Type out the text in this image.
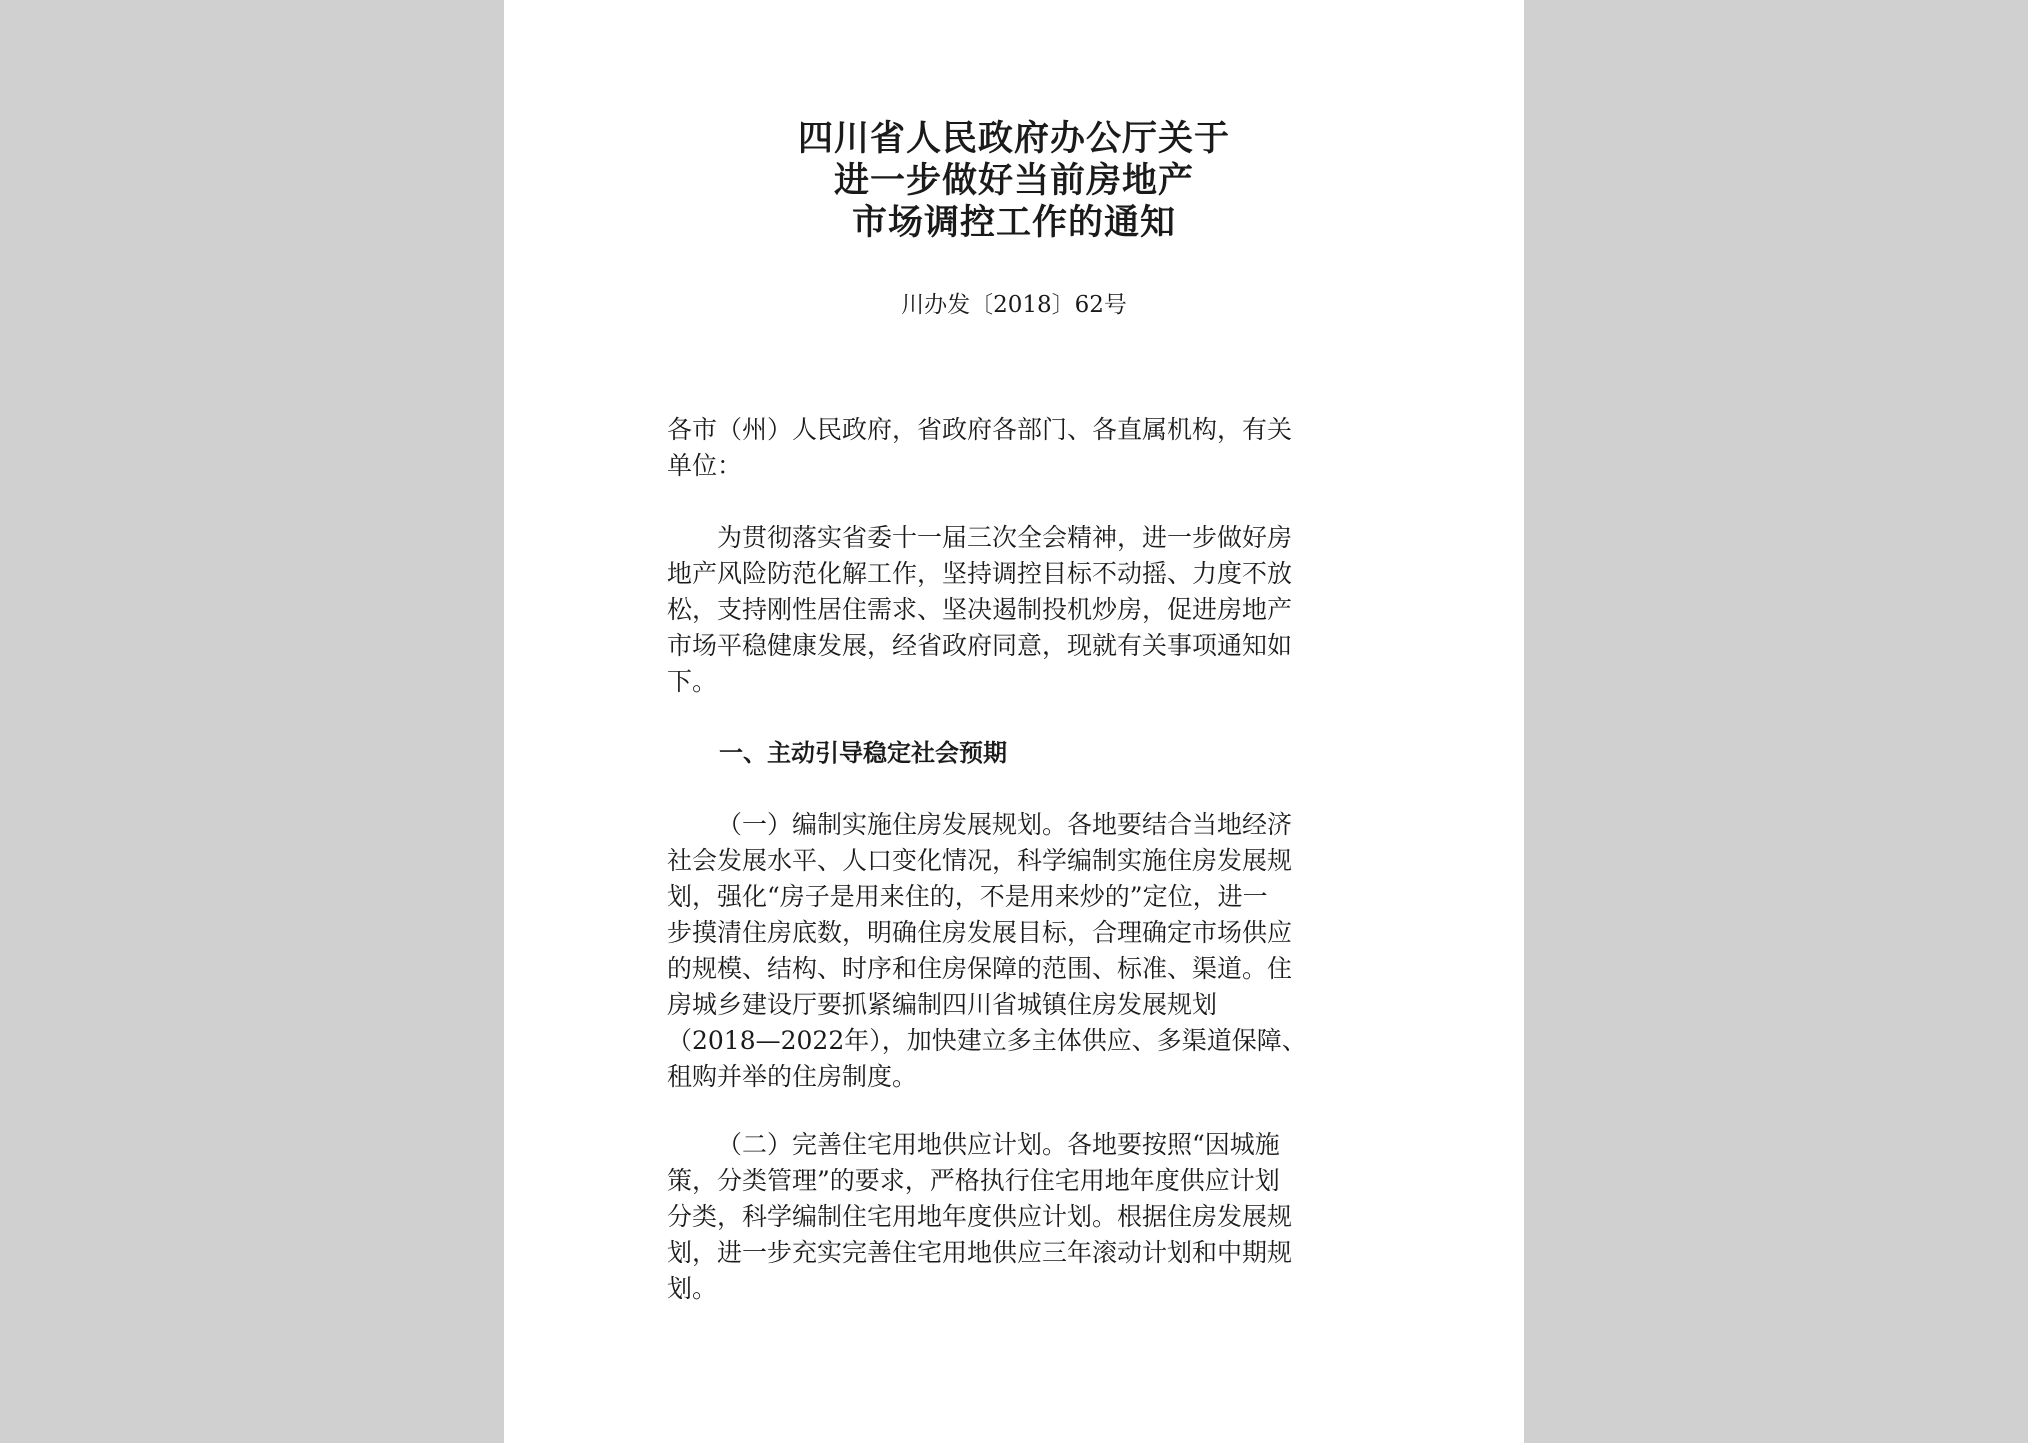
四川省人民政府办公厅关于
进一步做好当前房地产
市场调控工作的通知
川办发〔2018〕62号
各市（州）人民政府，省政府各部门、各直属机构，有关
单位：
为贯彻落实省委十一届三次全会精神，进一步做好房
地产风险防范化解工作，坚持调控目标不动摇、力度不放
松，支持刚性居住需求、坚决遏制投机炒房，促进房地产
市场平稳健康发展，经省政府同意，现就有关事项通知如
下。
一、主动引导稳定社会预期
（一）编制实施住房发展规划。各地要结合当地经济
社会发展水平、人口变化情况，科学编制实施住房发展规
划，强化“房子是用来住的，不是用来炒的”定位，进一
步摸清住房底数，明确住房发展目标，合理确定市场供应
的规模、结构、时序和住房保障的范围、标准、渠道。住
房城乡建设厅要抓紧编制四川省城镇住房发展规划
（2018—2022年），加快建立多主体供应、多渠道保障、
租购并举的住房制度。
（二）完善住宅用地供应计划。各地要按照“因城施
策，分类管理”的要求，严格执行住宅用地年度供应计划
分类，科学编制住宅用地年度供应计划。根据住房发展规
划，进一步充实完善住宅用地供应三年滚动计划和中期规
划。
